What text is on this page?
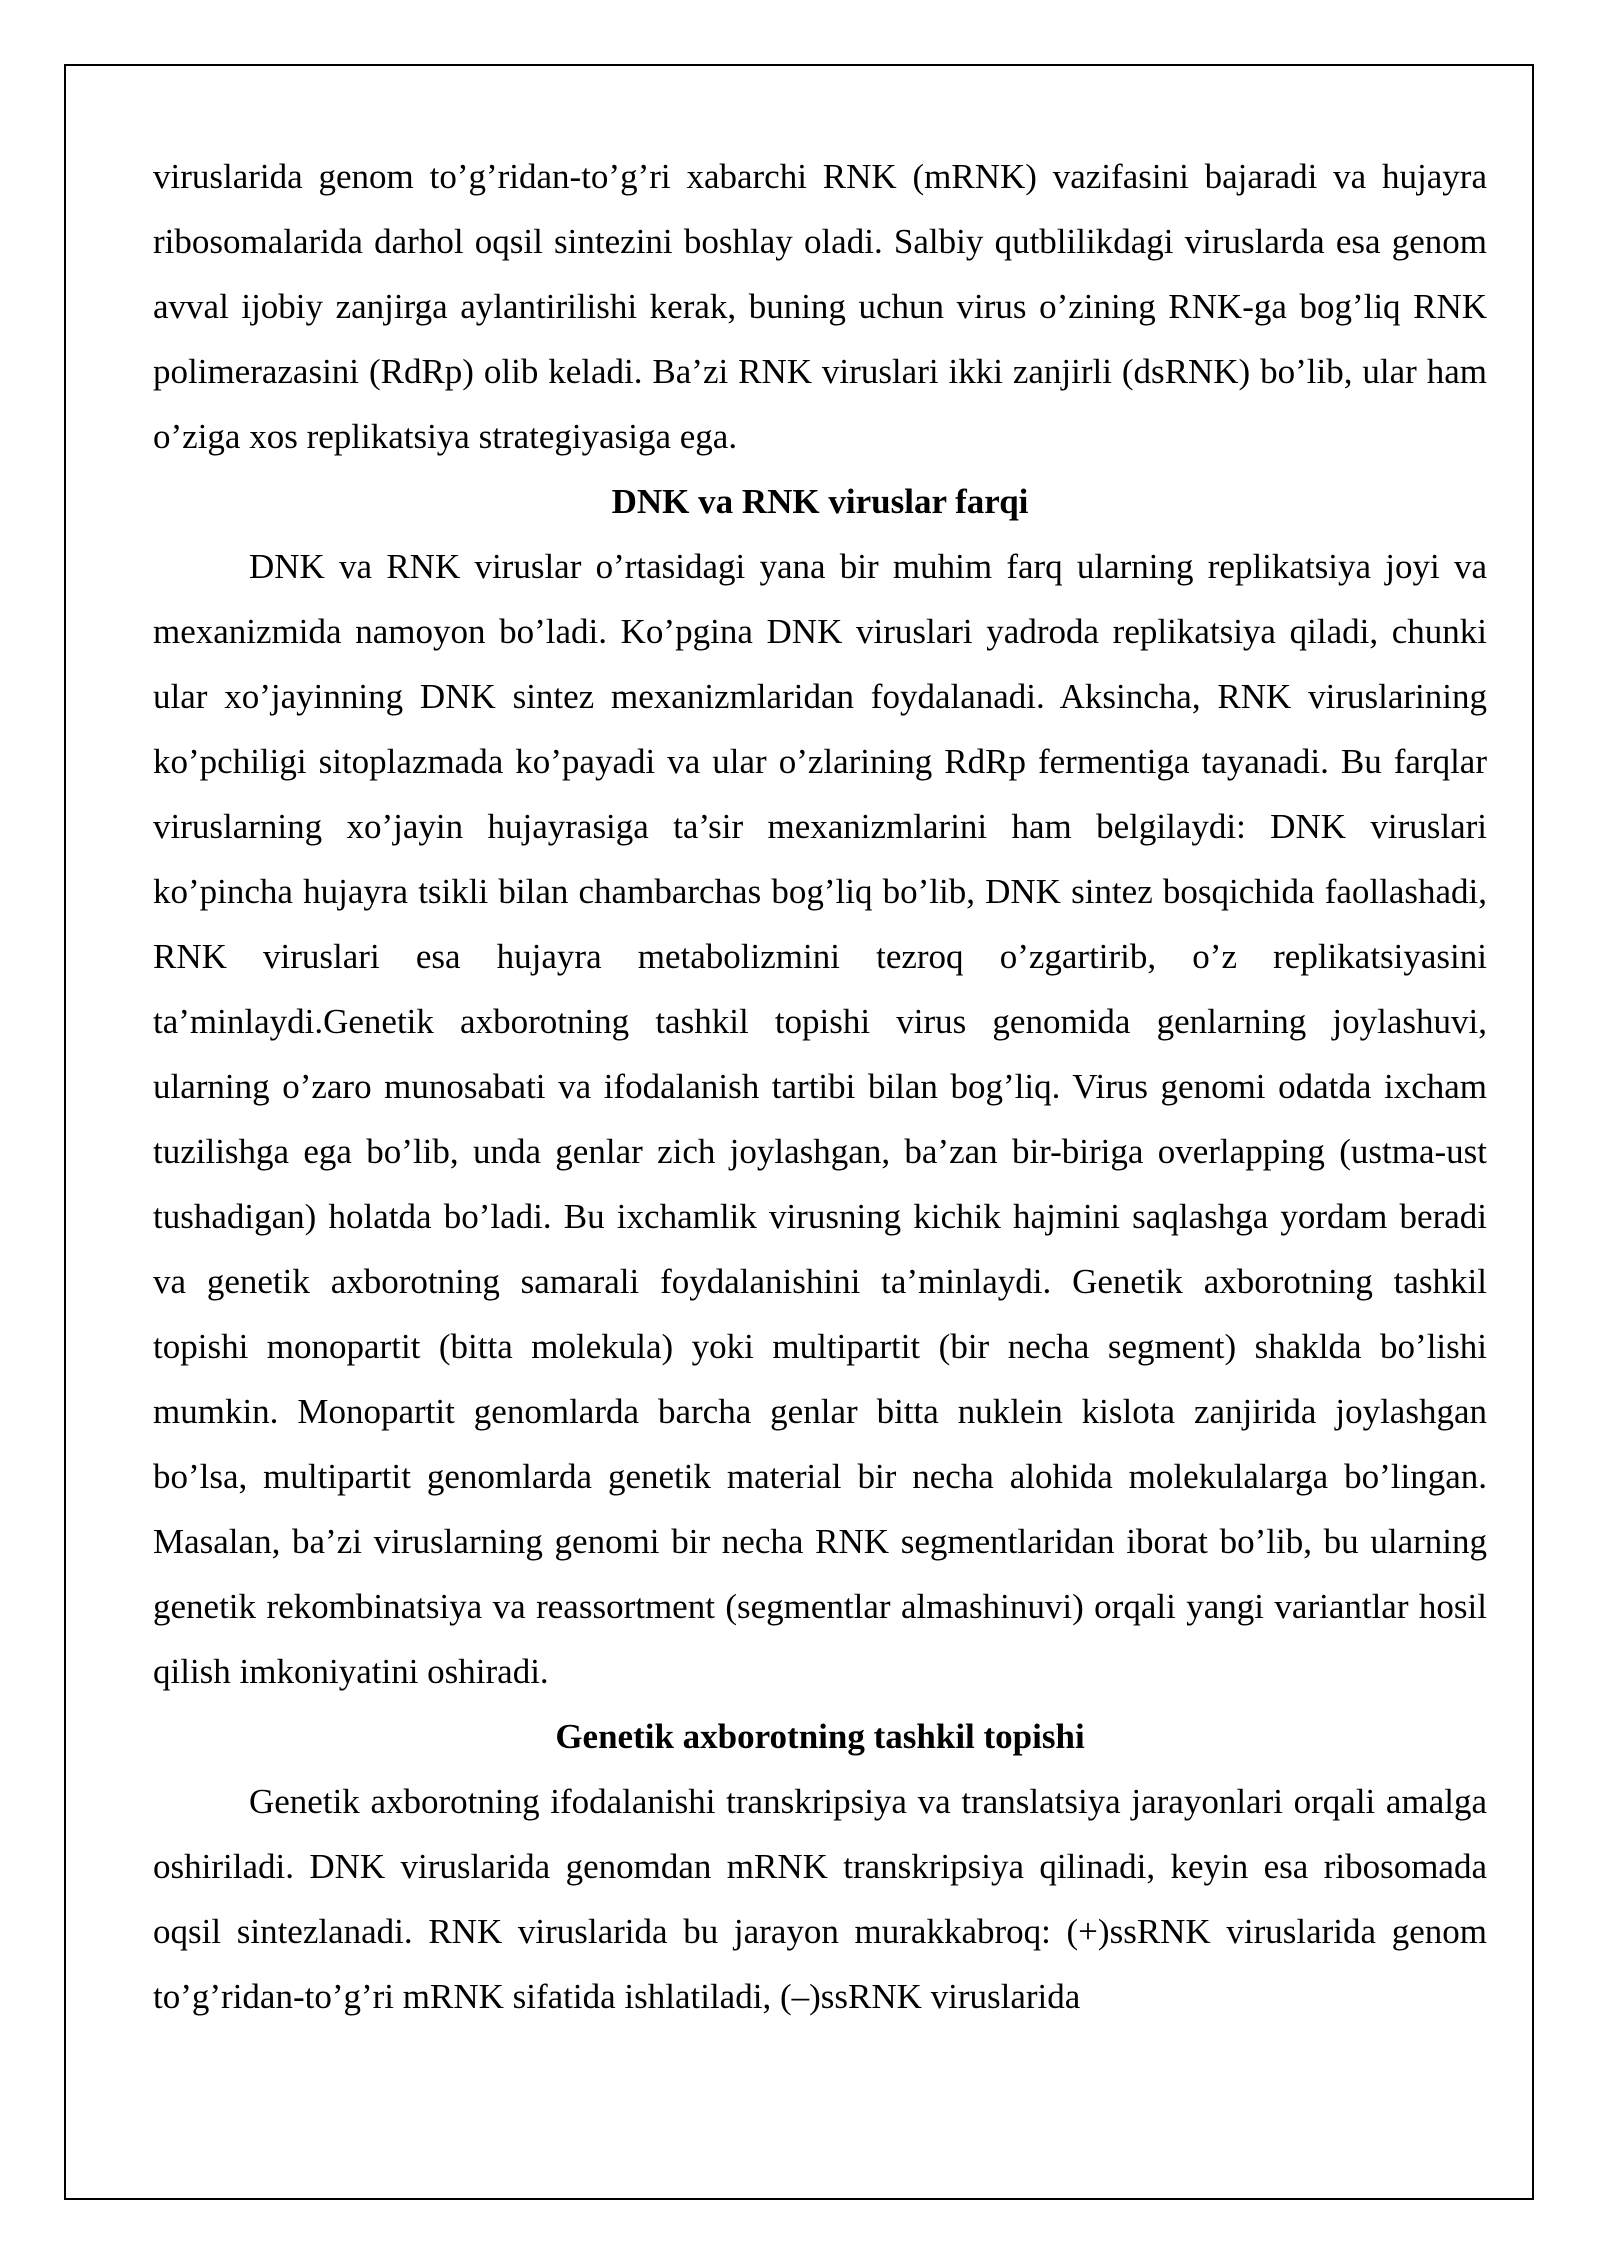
viruslarida genom to’g’ridan-to’g’ri xabarchi RNK (mRNK) vazifasini bajaradi va hujayra ribosomalarida darhol oqsil sintezini boshlay oladi. Salbiy qutblilikdagi viruslarda esa genom avval ijobiy zanjirga aylantirilishi kerak, buning uchun virus o’zining RNK-ga bog’liq RNK polimerazasini (RdRp) olib keladi. Ba’zi RNK viruslari ikki zanjirli (dsRNK) bo’lib, ular ham o’ziga xos replikatsiya strategiyasiga ega.

DNK va RNK viruslar farqi

DNK va RNK viruslar o’rtasidagi yana bir muhim farq ularning replikatsiya joyi va mexanizmida namoyon bo’ladi. Ko’pgina DNK viruslari yadroda replikatsiya qiladi, chunki ular xo’jayinning DNK sintez mexanizmlaridan foydalanadi. Aksincha, RNK viruslarining ko’pchiligi sitoplazmada ko’payadi va ular o’zlarining RdRp fermentiga tayanadi. Bu farqlar viruslarning xo’jayin hujayrasiga ta’sir mexanizmlarini ham belgilaydi: DNK viruslari ko’pincha hujayra tsikli bilan chambarchas bog’liq bo’lib, DNK sintez bosqichida faollashadi, RNK viruslari esa hujayra metabolizmini tezroq o’zgartirib, o’z replikatsiyasini ta’minlaydi.Genetik axborotning tashkil topishi virus genomida genlarning joylashuvi, ularning o’zaro munosabati va ifodalanish tartibi bilan bog’liq. Virus genomi odatda ixcham tuzilishga ega bo’lib, unda genlar zich joylashgan, ba’zan bir-biriga overlapping (ustma-ust tushadigan) holatda bo’ladi. Bu ixchamlik virusning kichik hajmini saqlashga yordam beradi va genetik axborotning samarali foydalanishini ta’minlaydi. Genetik axborotning tashkil topishi monopartit (bitta molekula) yoki multipartit (bir necha segment) shaklda bo’lishi mumkin. Monopartit genomlarda barcha genlar bitta nuklein kislota zanjirida joylashgan bo’lsa, multipartit genomlarda genetik material bir necha alohida molekulalarga bo’lingan. Masalan, ba’zi viruslarning genomi bir necha RNK segmentlaridan iborat bo’lib, bu ularning genetik rekombinatsiya va reassortment (segmentlar almashinuvi) orqali yangi variantlar hosil qilish imkoniyatini oshiradi.

Genetik axborotning tashkil topishi

Genetik axborotning ifodalanishi transkripsiya va translatsiya jarayonlari orqali amalga oshiriladi. DNK viruslarida genomdan mRNK transkripsiya qilinadi, keyin esa ribosomada oqsil sintezlanadi. RNK viruslarida bu jarayon murakkabroq: (+)ssRNK viruslarida genom to’g’ridan-to’g’ri mRNK sifatida ishlatiladi, (–)ssRNK viruslarida
